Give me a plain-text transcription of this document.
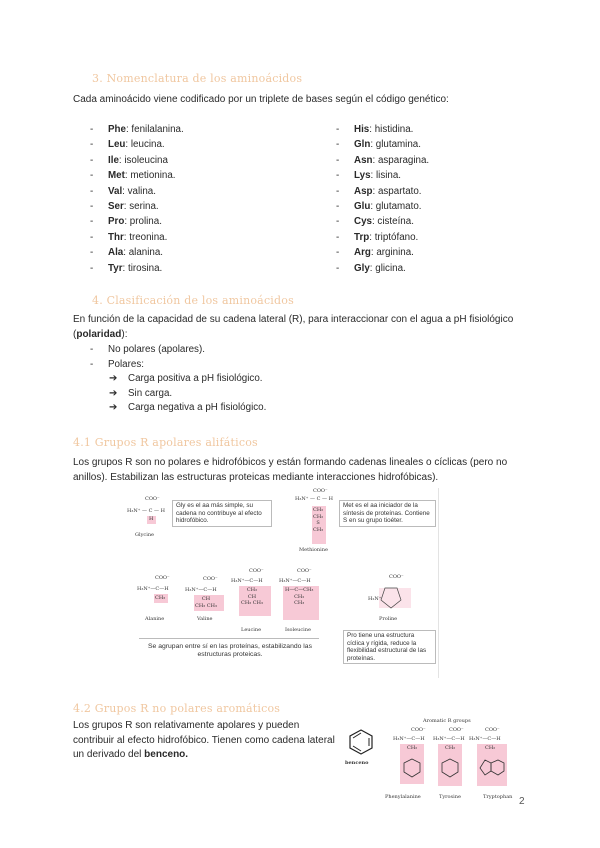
3. Nomenclatura de los aminoácidos
Cada aminoácido viene codificado por un triplete de bases según el código genético:
- Phe: fenilalanina.
- Leu: leucina.
- Ile: isoleucina
- Met: metionina.
- Val: valina.
- Ser: serina.
- Pro: prolina.
- Thr: treonina.
- Ala: alanina.
- Tyr: tirosina.
- His: histidina.
- Gln: glutamina.
- Asn: asparagina.
- Lys: lisina.
- Asp: aspartato.
- Glu: glutamato.
- Cys: cisteína.
- Trp: triptófano.
- Arg: arginina.
- Gly: glicina.
4. Clasificación de los aminoácidos
En función de la capacidad de su cadena lateral (R), para interaccionar con el agua a pH fisiológico (polaridad):
- No polares (apolares).
- Polares:
➔ Carga positiva a pH fisiológico.
➔ Sin carga.
➔ Carga negativa a pH fisiológico.
4.1 Grupos R apolares alifáticos
Los grupos R son no polares e hidrofóbicos y están formando cadenas lineales o cíclicas (pero no anillos). Estabilizan las estructuras proteicas mediante interacciones hidrofóbicas).
COO⁻
H₃N⁺ — C — H
H
Glycine
Gly es el aa más simple, su cadena no contribuye al efecto hidrofóbico.
COO⁻
H₃N⁺ — C — H
CH₂
CH₂
S
CH₃
Methionine
Met es el aa iniciador de la síntesis de proteínas. Contiene S en su grupo tioéter.
COO⁻
H₃N⁺—C—H
CH₃
Alanine
COO⁻
H₃N⁺—C—H
CH
CH₃ CH₃
Valine
COO⁻
H₃N⁺—C—H
CH₂
CH
CH₃ CH₃
Leucine
COO⁻
H₃N⁺—C—H
H—C—CH₃
CH₂
CH₃
Isoleucine
COO⁻
H₂N⁺
Proline
Se agrupan entre sí en las proteínas, estabilizando las estructuras proteicas.
Pro tiene una estructura cíclica y rígida, reduce la flexibilidad estructural de las proteínas.
4.2 Grupos R no polares aromáticos
Los grupos R son relativamente apolares y pueden contribuir al efecto hidrofóbico. Tienen como cadena lateral un derivado del benceno.
benceno
Aromatic R groups
COO⁻
H₃N⁺—C—H
CH₂
Phenylalanine
COO⁻
H₃N⁺—C—H
CH₂
Tyrosine
COO⁻
H₃N⁺—C—H
CH₂
Tryptophan 2
